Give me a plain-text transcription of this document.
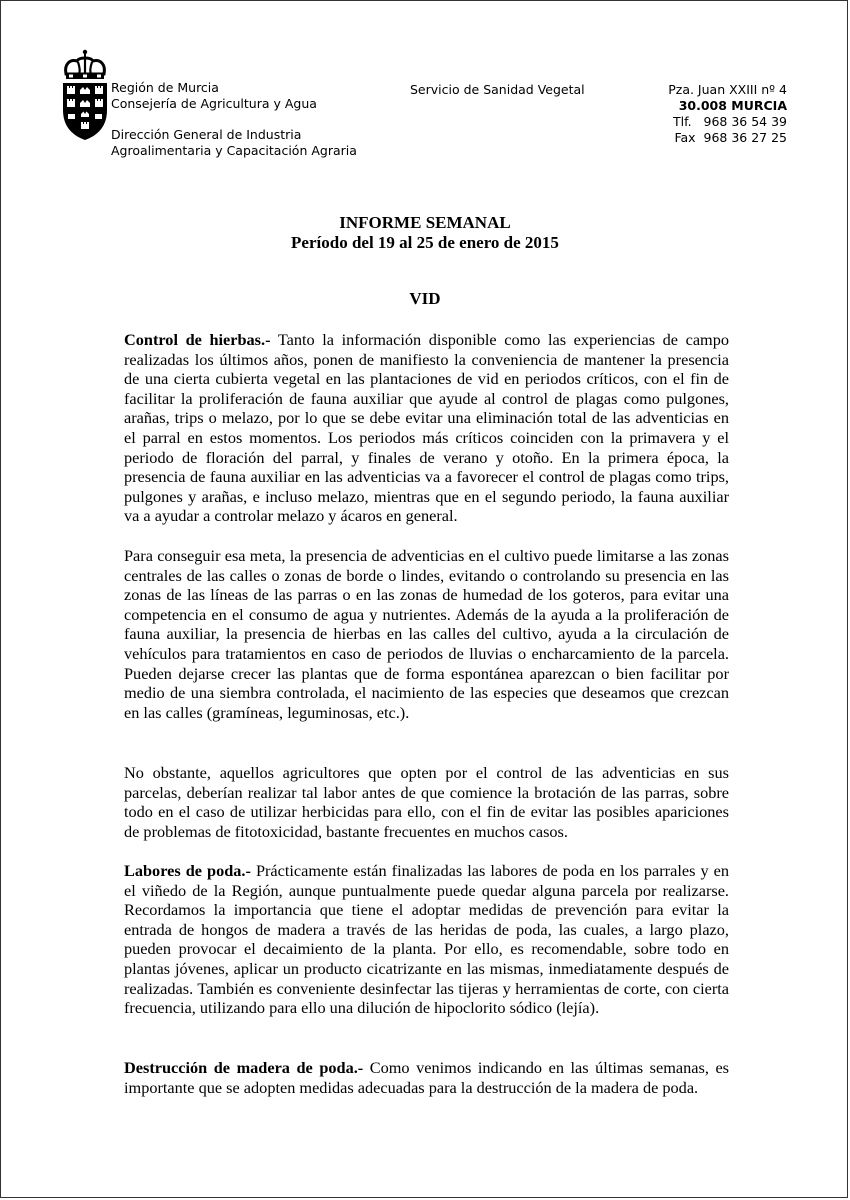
Región de Murcia
Consejería de Agricultura y Agua
Dirección General de Industria
Agroalimentaria y Capacitación Agraria
Servicio de Sanidad Vegetal	Pza. Juan XXIII nº 4
30.008 MURCIA
Tlf.   968 36 54 39
Fax  968 36 27 25
INFORME SEMANAL
Período del 19 al 25 de enero de 2015
VID
Control de hierbas.- Tanto la información disponible como las experiencias de campo realizadas los últimos años, ponen de manifiesto la conveniencia de mantener la presencia de una cierta cubierta vegetal en las plantaciones de vid en periodos críticos, con el fin de facilitar la proliferación de fauna auxiliar que ayude al control de plagas como pulgones, arañas, trips o melazo, por lo que se debe evitar una eliminación total de las adventicias en el parral en estos momentos. Los periodos más críticos coinciden con la primavera y el periodo de floración del parral, y finales de verano y otoño. En la primera época, la presencia de fauna auxiliar en las adventicias va a favorecer el control de plagas como trips, pulgones y arañas, e incluso melazo, mientras que en el segundo periodo, la fauna auxiliar va a ayudar a controlar melazo y ácaros en general.
Para conseguir esa meta, la presencia de adventicias en el cultivo puede limitarse a las zonas centrales de las calles o zonas de borde o lindes, evitando o controlando su presencia en las zonas de las líneas de las parras o en las zonas de humedad de los goteros, para evitar una competencia en el consumo de agua y nutrientes. Además de la ayuda a la proliferación de fauna auxiliar, la presencia de hierbas en las calles del cultivo, ayuda a la circulación de vehículos para tratamientos en caso de periodos de lluvias o encharcamiento de la parcela. Pueden dejarse crecer las plantas que de forma espontánea aparezcan o bien facilitar por medio de una siembra controlada, el nacimiento de las especies que deseamos que crezcan en las calles (gramíneas, leguminosas, etc.).
No obstante, aquellos agricultores que opten por el control de las adventicias en sus parcelas, deberían realizar tal labor antes de que comience la brotación de las parras, sobre todo en el caso de utilizar herbicidas para ello, con el fin de evitar las posibles apariciones de problemas de fitotoxicidad, bastante frecuentes en muchos casos.
Labores de poda.- Prácticamente están finalizadas las labores de poda en los parrales y en el viñedo de la Región, aunque puntualmente puede quedar alguna parcela por realizarse. Recordamos la importancia que tiene el adoptar medidas de prevención para evitar la entrada de hongos de madera a través de las heridas de poda, las cuales, a largo plazo, pueden provocar el decaimiento de la planta. Por ello, es recomendable, sobre todo en plantas jóvenes, aplicar un producto cicatrizante en las mismas, inmediatamente después de realizadas. También es conveniente desinfectar las tijeras y herramientas de corte, con cierta frecuencia, utilizando para ello una dilución de hipoclorito sódico (lejía).
Destrucción de madera de poda.- Como venimos indicando en las últimas semanas, es importante que se adopten medidas adecuadas para la destrucción de la madera de poda.
